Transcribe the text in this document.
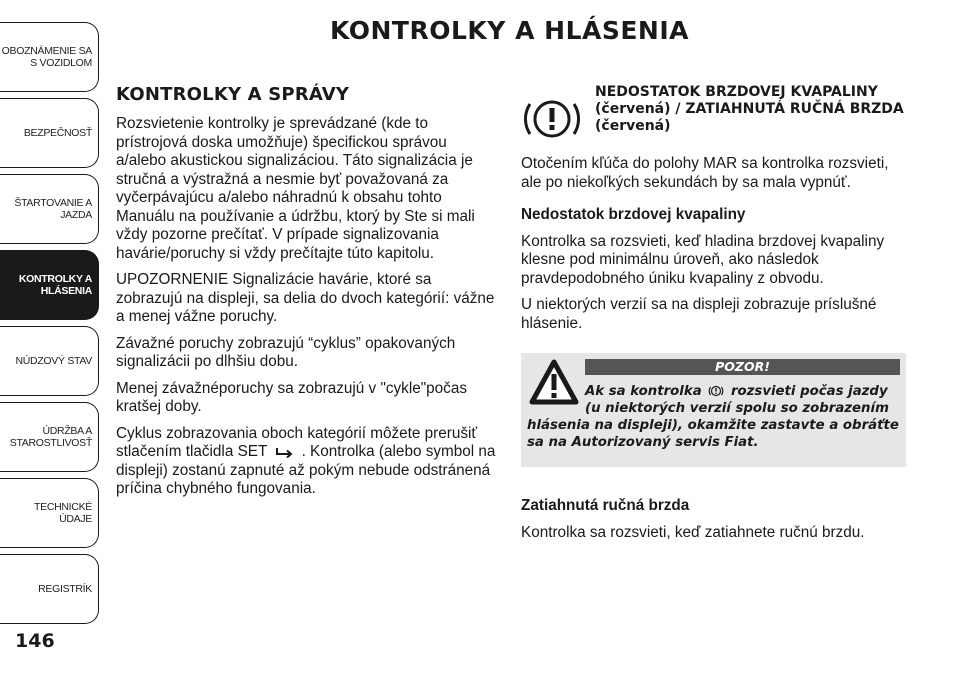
OBOZNÁMENIE SA
S VOZIDLOM
BEZPEČNOSŤ
ŠTARTOVANIE A
JAZDA
KONTROLKY A
HLÁSENIA
NÚDZOVÝ STAV
ÚDRŽBA A
STAROSTLIVOSŤ
TECHNICKÉ ÚDAJE
REGISTRÍK
146
KONTROLKY A HLÁSENIA
KONTROLKY A SPRÁVY

Rozsvietenie kontrolky je sprevádzané (kde to prístrojová doska umožňuje) špecifickou správou a/alebo akustickou signalizáciou. Táto signalizácia je stručná a výstražná a nesmie byť považovaná za vyčerpávajúcu a/alebo náhradnú k obsahu tohto Manuálu na používanie a údržbu, ktorý by Ste si mali vždy pozorne prečítať. V prípade signalizovania havárie/poruchy si vždy prečítajte túto kapitolu.

UPOZORNENIE Signalizácie havárie, ktoré sa zobrazujú na displeji, sa delia do dvoch kategórií: vážne a menej vážne poruchy.

Závažné poruchy zobrazujú “cyklus” opakovaných signalizácii po dlhšiu dobu.

Menej závažnéporuchy sa zobrazujú v "cykle"počas kratšej doby.

Cyklus zobrazovania oboch kategórií môžete prerušiť stlačením tlačidla SET . Kontrolka (alebo symbol na displeji) zostanú zapnuté až pokým nebude odstránená príčina chybného fungovania.

NEDOSTATOK BRZDOVEJ KVAPALINY (červená) / ZATIAHNUTÁ RUČNÁ BRZDA (červená)

Otočením kľúča do polohy MAR sa kontrolka rozsvieti, ale po niekoľkých sekundách by sa mala vypnúť.

Nedostatok brzdovej kvapaliny

Kontrolka sa rozsvieti, keď hladina brzdovej kvapaliny klesne pod minimálnu úroveň, ako následok pravdepodobného úniku kvapaliny z obvodu.

U niektorých verzií sa na displeji zobrazuje príslušné hlásenie.

POZOR!
Ak sa kontrolka rozsvieti počas jazdy
(u niektorých verzií spolu so zobrazením
hlásenia na displeji), okamžite zastavte a obráťte sa na Autorizovaný servis Fiat.

Zatiahnutá ručná brzda

Kontrolka sa rozsvieti, keď zatiahnete ručnú brzdu.
